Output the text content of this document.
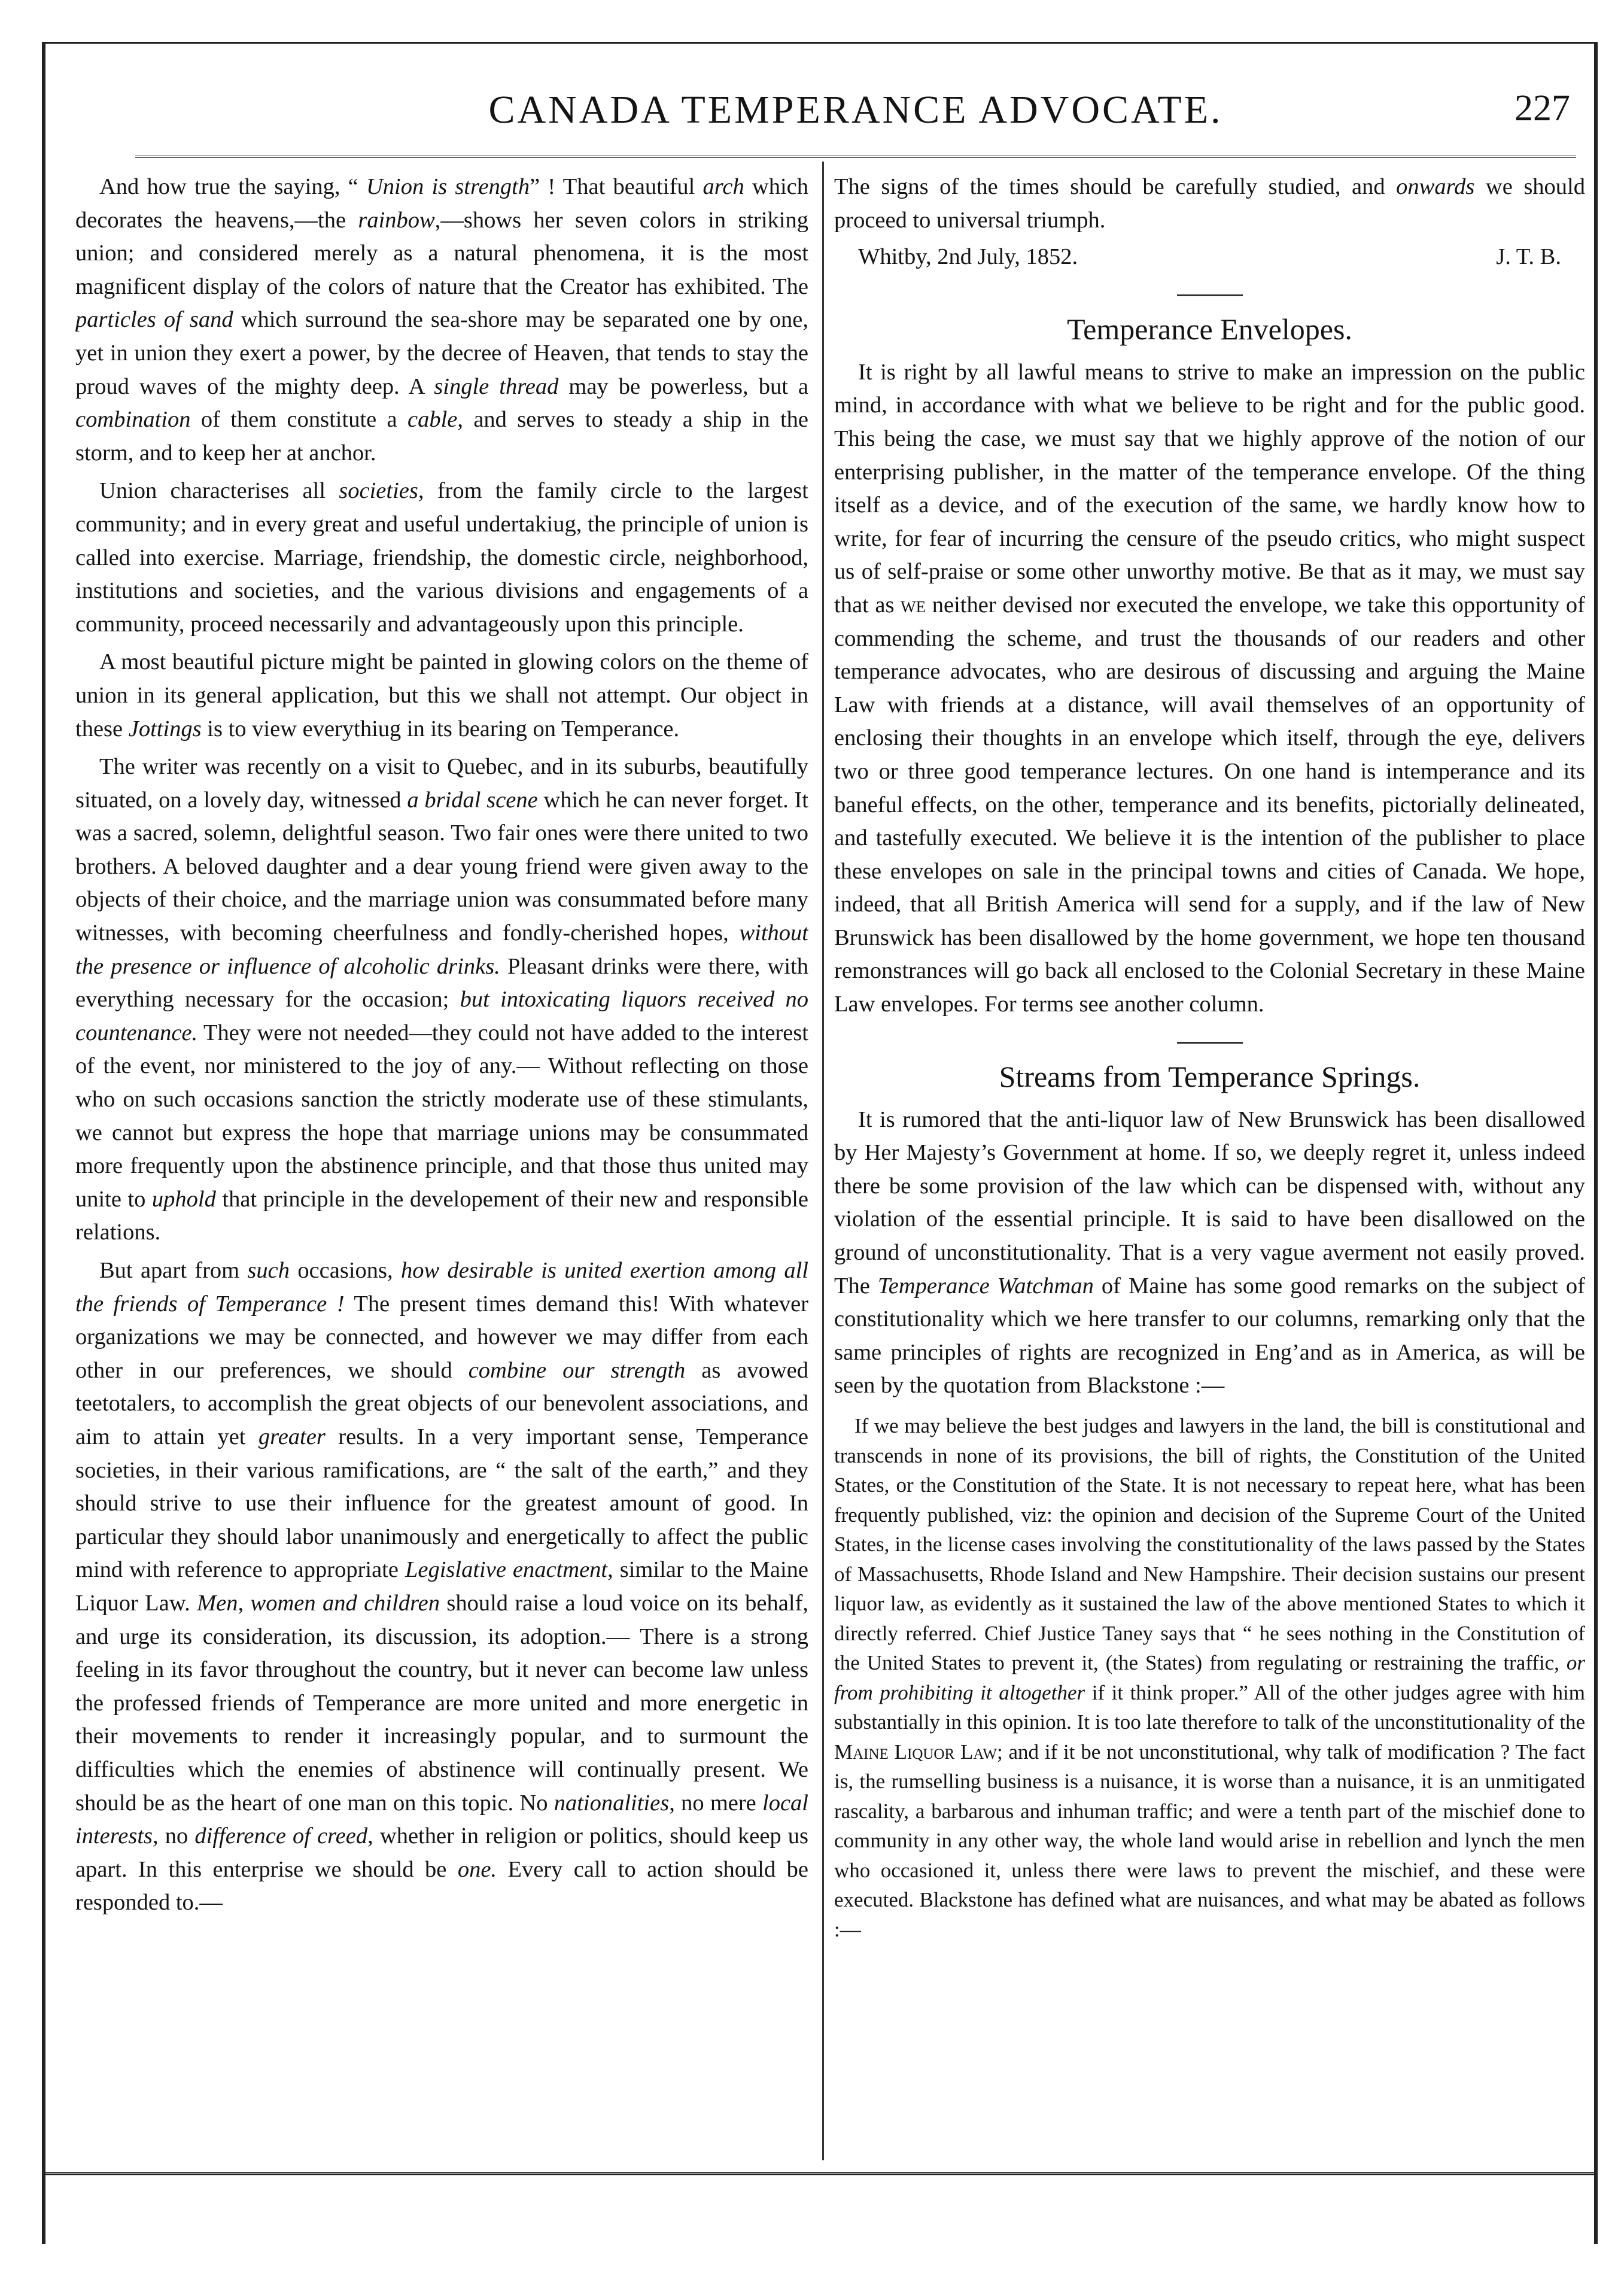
CANADA TEMPERANCE ADVOCATE.	227

And how true the saying, “ Union is strength” ! That beautiful arch which decorates the heavens,—the rainbow,—shows her seven colors in striking union; and considered merely as a natural phenomena, it is the most magnificent display of the colors of nature that the Creator has exhibited. The particles of sand which surround the sea-shore may be separated one by one, yet in union they exert a power, by the decree of Heaven, that tends to stay the proud waves of the mighty deep. A single thread may be powerless, but a combination of them constitute a cable, and serves to steady a ship in the storm, and to keep her at anchor.

Union characterises all societies, from the family circle to the largest community; and in every great and useful undertakiug, the principle of union is called into exercise. Marriage, friendship, the domestic circle, neighborhood, institutions and societies, and the various divisions and engagements of a community, proceed necessarily and advantageously upon this principle.

A most beautiful picture might be painted in glowing colors on the theme of union in its general application, but this we shall not attempt. Our object in these Jottings is to view everythiug in its bearing on Temperance.

The writer was recently on a visit to Quebec, and in its suburbs, beautifully situated, on a lovely day, witnessed a bridal scene which he can never forget. It was a sacred, solemn, delightful season. Two fair ones were there united to two brothers. A beloved daughter and a dear young friend were given away to the objects of their choice, and the marriage union was consummated before many witnesses, with becoming cheerfulness and fondly-cherished hopes, without the presence or influence of alcoholic drinks. Pleasant drinks were there, with everything necessary for the occasion; but intoxicating liquors received no countenance. They were not needed—they could not have added to the interest of the event, nor ministered to the joy of any.— Without reflecting on those who on such occasions sanction the strictly moderate use of these stimulants, we cannot but express the hope that marriage unions may be consummated more frequently upon the abstinence principle, and that those thus united may unite to uphold that principle in the developement of their new and responsible relations.

But apart from such occasions, how desirable is united exertion among all the friends of Temperance ! The present times demand this! With whatever organizations we may be connected, and however we may differ from each other in our preferences, we should combine our strength as avowed teetotalers, to accomplish the great objects of our benevolent associations, and aim to attain yet greater results. In a very important sense, Temperance societies, in their various ramifications, are “ the salt of the earth,” and they should strive to use their influence for the greatest amount of good. In particular they should labor unanimously and energetically to affect the public mind with reference to appropriate Legislative enactment, similar to the Maine Liquor Law. Men, women and children should raise a loud voice on its behalf, and urge its consideration, its discussion, its adoption.— There is a strong feeling in its favor throughout the country, but it never can become law unless the professed friends of Temperance are more united and more energetic in their movements to render it increasingly popular, and to surmount the difficulties which the enemies of abstinence will continually present. We should be as the heart of one man on this topic. No nationalities, no mere local interests, no difference of creed, whether in religion or politics, should keep us apart. In this enterprise we should be one. Every call to action should be responded to.—

The signs of the times should be carefully studied, and onwards we should proceed to universal triumph.

Whitby, 2nd July, 1852.	J. T. B.
Temperance Envelopes.

It is right by all lawful means to strive to make an impression on the public mind, in accordance with what we believe to be right and for the public good. This being the case, we must say that we highly approve of the notion of our enterprising publisher, in the matter of the temperance envelope. Of the thing itself as a device, and of the execution of the same, we hardly know how to write, for fear of incurring the censure of the pseudo critics, who might suspect us of self-praise or some other unworthy motive. Be that as it may, we must say that as we neither devised nor executed the envelope, we take this opportunity of commending the scheme, and trust the thousands of our readers and other temperance advocates, who are desirous of discussing and arguing the Maine Law with friends at a distance, will avail themselves of an opportunity of enclosing their thoughts in an envelope which itself, through the eye, delivers two or three good temperance lectures. On one hand is intemperance and its baneful effects, on the other, temperance and its benefits, pictorially delineated, and tastefully executed. We believe it is the intention of the publisher to place these envelopes on sale in the principal towns and cities of Canada. We hope, indeed, that all British America will send for a supply, and if the law of New Brunswick has been disallowed by the home government, we hope ten thousand remonstrances will go back all enclosed to the Colonial Secretary in these Maine Law envelopes. For terms see another column.

Streams from Temperance Springs.

It is rumored that the anti-liquor law of New Brunswick has been disallowed by Her Majesty’s Government at home. If so, we deeply regret it, unless indeed there be some provision of the law which can be dispensed with, without any violation of the essential principle. It is said to have been disallowed on the ground of unconstitutionality. That is a very vague averment not easily proved. The Temperance Watchman of Maine has some good remarks on the subject of constitutionality which we here transfer to our columns, remarking only that the same principles of rights are recognized in Eng’and as in America, as will be seen by the quotation from Blackstone :—

If we may believe the best judges and lawyers in the land, the bill is constitutional and transcends in none of its provisions, the bill of rights, the Constitution of the United States, or the Constitution of the State. It is not necessary to repeat here, what has been frequently published, viz: the opinion and decision of the Supreme Court of the United States, in the license cases involving the constitutionality of the laws passed by the States of Massachusetts, Rhode Island and New Hampshire. Their decision sustains our present liquor law, as evidently as it sustained the law of the above mentioned States to which it directly referred. Chief Justice Taney says that “ he sees nothing in the Constitution of the United States to prevent it, (the States) from regulating or restraining the traffic, or from prohibiting it altogether if it think proper.” All of the other judges agree with him substantially in this opinion. It is too late therefore to talk of the unconstitutionality of the Maine Liquor Law; and if it be not unconstitutional, why talk of modification ? The fact is, the rumselling business is a nuisance, it is worse than a nuisance, it is an unmitigated rascality, a barbarous and inhuman traffic; and were a tenth part of the mischief done to community in any other way, the whole land would arise in rebellion and lynch the men who occasioned it, unless there were laws to prevent the mischief, and these were executed. Blackstone has defined what are nuisances, and what may be abated as follows :—
